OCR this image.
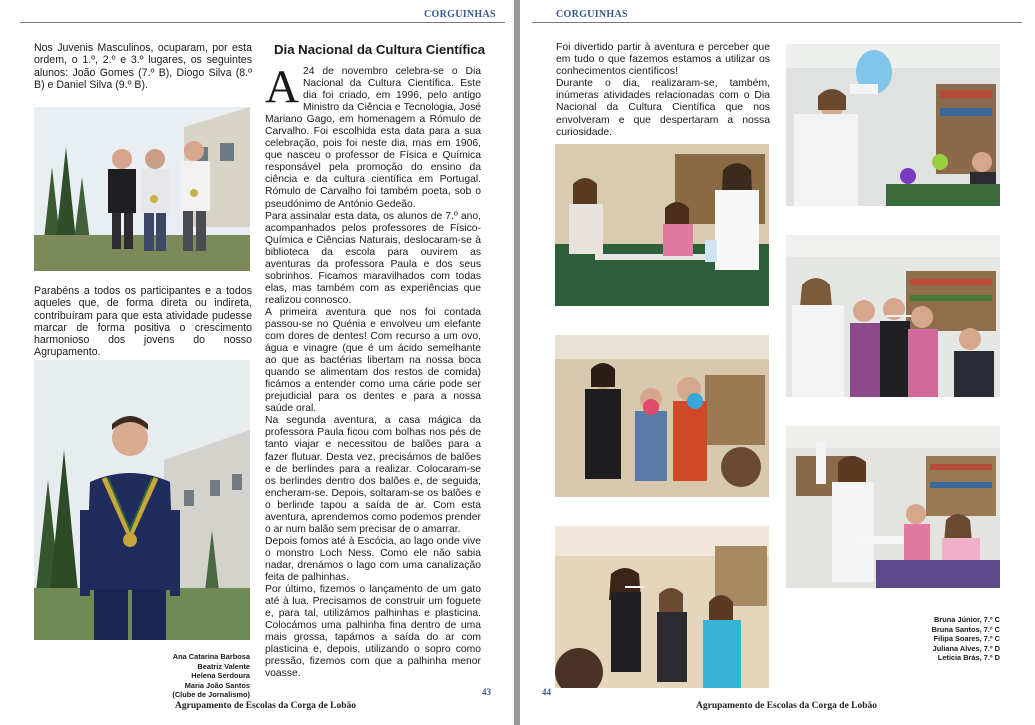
CORGUINHAS

Nos Juvenis Masculinos, ocuparam, por esta ordem, o 1.º, 2.º e 3.º lugares, os seguintes alunos: João Gomes (7.º B), Diogo Silva (8.º B) e Daniel Silva (9.º B).

Parabéns a todos os participantes e a todos aqueles que, de forma direta ou indireta, contribuíram para que esta atividade pudesse marcar de forma positiva o crescimento harmonioso dos jovens do nosso Agrupamento.

Ana Catarina Barbosa
Beatriz Valente
Helena Serdoura
Maria João Santos
(Clube de Jornalismo)
Dia Nacional da Cultura Científica

A 24 de novembro celebra-se o Dia Nacional da Cultura Científica. Este dia foi criado, em 1996, pelo antigo Ministro da Ciência e Tecnologia, José Mariano Gago, em homenagem a Rómulo de Carvalho. Foi escolhida esta data para a sua celebração, pois foi neste dia, mas em 1906, que nasceu o professor de Física e Química responsável pela promoção do ensino da ciência e da cultura científica em Portugal. Rómulo de Carvalho foi também poeta, sob o pseudónimo de António Gedeão.

Para assinalar esta data, os alunos de 7.º ano, acompanhados pelos professores de Físico-Química e Ciências Naturais, deslocaram-se à biblioteca da escola para ouvirem as aventuras da professora Paula e dos seus sobrinhos. Ficamos maravilhados com todas elas, mas também com as experiências que realizou connosco.

A primeira aventura que nos foi contada passou-se no Quénia e envolveu um elefante com dores de dentes! Com recurso a um ovo, água e vinagre (que é um ácido semelhante ao que as bactérias libertam na nossa boca quando se alimentam dos restos de comida) ficámos a entender como uma cárie pode ser prejudicial para os dentes e para a nossa saúde oral.

Na segunda aventura, a casa mágica da professora Paula ficou com bolhas nos pés de tanto viajar e necessitou de balões para a fazer flutuar. Desta vez, precisámos de balões e de berlindes para a realizar. Colocaram-se os berlindes dentro dos balões e, de seguida, encheram-se. Depois, soltaram-se os balões e o berlinde tapou a saída de ar. Com esta aventura, aprendemos como podemos prender o ar num balão sem precisar de o amarrar.

Depois fomos até à Escócia, ao lago onde vive o monstro Loch Ness. Como ele não sabia nadar, drenámos o lago com uma canalização feita de palhinhas.

Por último, fizemos o lançamento de um gato até à lua. Precisamos de construir um foguete e, para tal, utilizámos palhinhas e plasticina. Colocámos uma palhinha fina dentro de uma mais grossa, tapámos a saída do ar com plasticina e, depois, utilizando o sopro como pressão, fizemos com que a palhinha menor voasse.

43
Agrupamento de Escolas da Corga de Lobão
CORGUINHAS

Foi divertido partir à aventura e perceber que em tudo o que fazemos estamos a utilizar os conhecimentos científicos!

Durante o dia, realizaram-se, também, inúmeras atividades relacionadas com o Dia Nacional da Cultura Científica que nos envolveram e que despertaram a nossa curiosidade.

Bruna Júnior, 7.º C
Bruna Santos, 7.º C
Filipa Soares, 7.º C
Juliana Alves, 7.º D
Letícia Brás, 7.º D
44
Agrupamento de Escolas da Corga de Lobão
